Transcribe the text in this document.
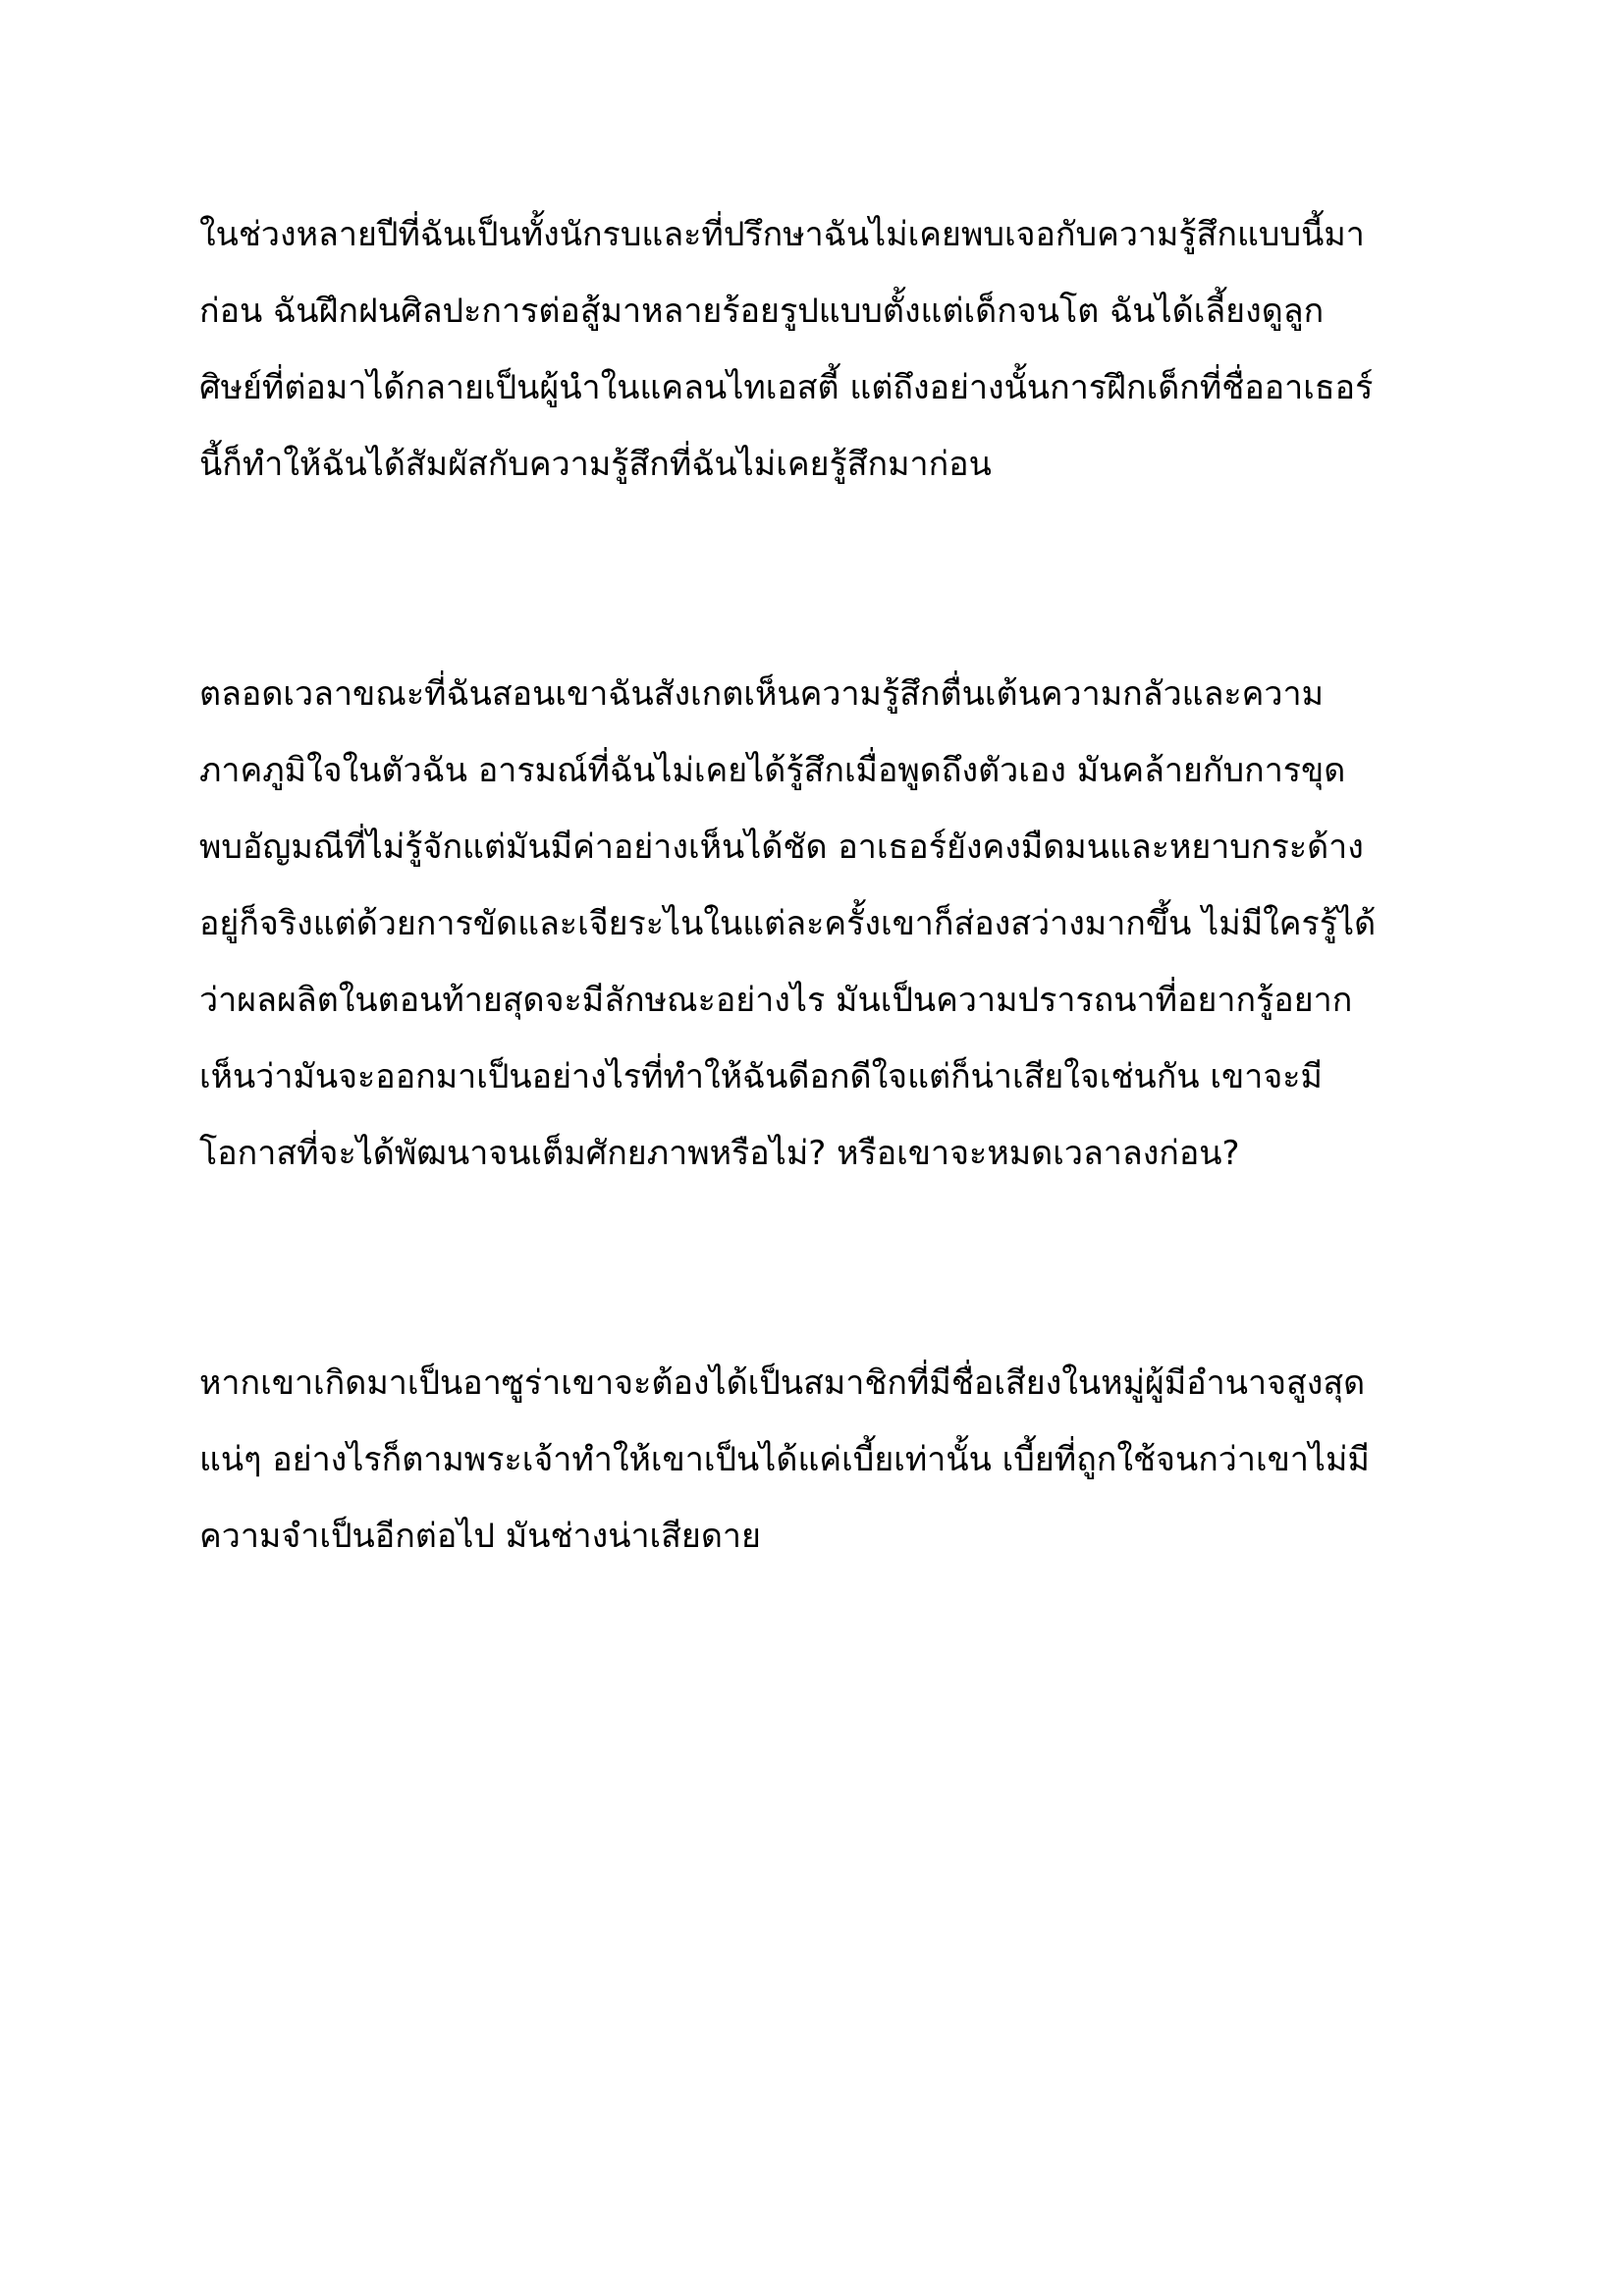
ในช่วงหลายปีที่ฉันเป็นทั้งนักรบและที่ปรึกษาฉันไม่เคยพบเจอกับความรู้สึกแบบนี้มา
ก่อน ฉันฝึกฝนศิลปะการต่อสู้มาหลายร้อยรูปแบบตั้งแต่เด็กจนโต ฉันได้เลี้ยงดูลูก
ศิษย์ที่ต่อมาได้กลายเป็นผู้นำในแคลนไทเอสตี้ แต่ถึงอย่างนั้นการฝึกเด็กที่ชื่ออาเธอร์
นี้ก็ทำให้ฉันได้สัมผัสกับความรู้สึกที่ฉันไม่เคยรู้สึกมาก่อน
ตลอดเวลาขณะที่ฉันสอนเขาฉันสังเกตเห็นความรู้สึกตื่นเต้นความกลัวและความ
ภาคภูมิใจในตัวฉัน อารมณ์ที่ฉันไม่เคยได้รู้สึกเมื่อพูดถึงตัวเอง มันคล้ายกับการขุด
พบอัญมณีที่ไม่รู้จักแต่มันมีค่าอย่างเห็นได้ชัด อาเธอร์ยังคงมืดมนและหยาบกระด้าง
อยู่ก็จริงแต่ด้วยการขัดและเจียระไนในแต่ละครั้งเขาก็ส่องสว่างมากขึ้น ไม่มีใครรู้ได้
ว่าผลผลิตในตอนท้ายสุดจะมีลักษณะอย่างไร มันเป็นความปรารถนาที่อยากรู้อยาก
เห็นว่ามันจะออกมาเป็นอย่างไรที่ทำให้ฉันดีอกดีใจแต่ก็น่าเสียใจเช่นกัน เขาจะมี
โอกาสที่จะได้พัฒนาจนเต็มศักยภาพหรือไม่? หรือเขาจะหมดเวลาลงก่อน?
หากเขาเกิดมาเป็นอาซูร่าเขาจะต้องได้เป็นสมาชิกที่มีชื่อเสียงในหมู่ผู้มีอำนาจสูงสุด
แน่ๆ อย่างไรก็ตามพระเจ้าทำให้เขาเป็นได้แค่เบี้ยเท่านั้น เบี้ยที่ถูกใช้จนกว่าเขาไม่มี
ความจำเป็นอีกต่อไป มันช่างน่าเสียดาย
